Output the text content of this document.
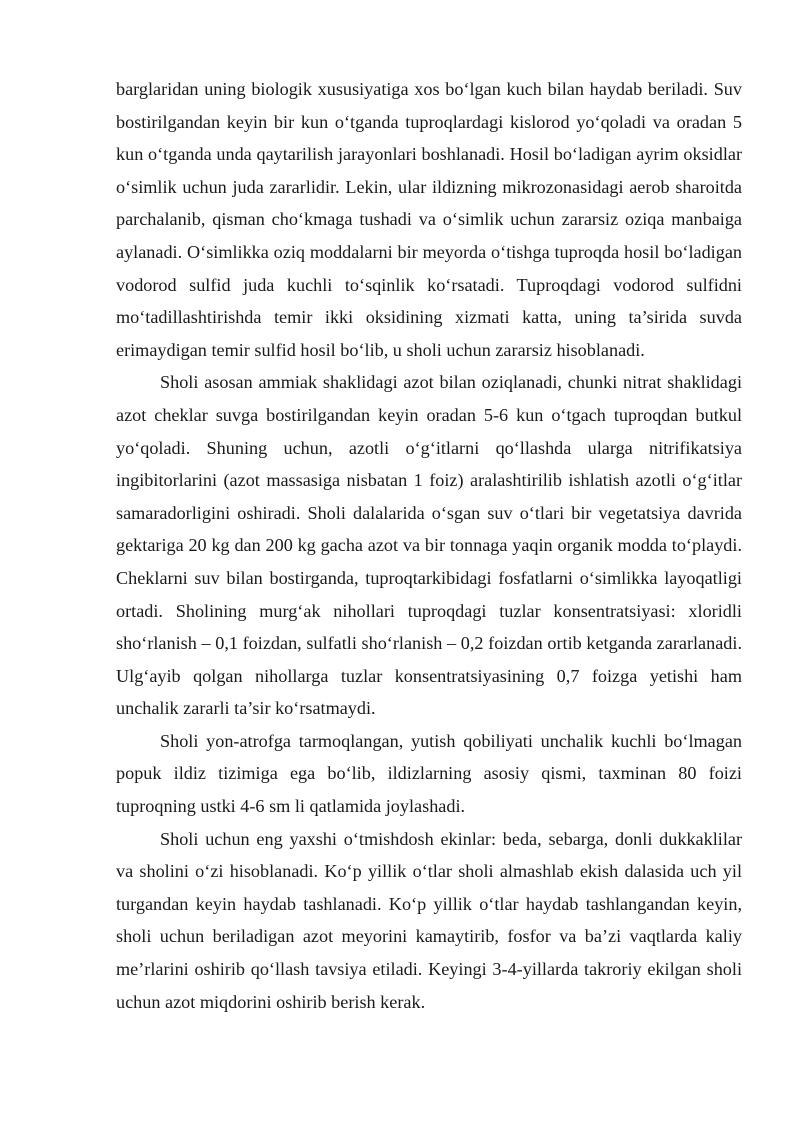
barglaridan uning biologik xususiyatiga xos bo‘lgan kuch bilan haydab beriladi. Suv bostirilgandan keyin bir kun o‘tganda tuproqlardagi kislorod yo‘qoladi va oradan 5 kun o‘tganda unda qaytarilish jarayonlari boshlanadi. Hosil bo‘ladigan ayrim oksidlar o‘simlik uchun juda zararlidir. Lekin, ular ildizning mikrozonasidagi aerob sharoitda parchalanib, qisman cho‘kmaga tushadi va o‘simlik uchun zararsiz oziqa manbaiga aylanadi. O‘simlikka oziq moddalarni bir meyorda o‘tishga tuproqda hosil bo‘ladigan vodorod sulfid juda kuchli to‘sqinlik ko‘rsatadi. Tuproqdagi vodorod sulfidni mo‘tadillashtirishda temir ikki oksidining xizmati katta, uning ta’sirida suvda erimaydigan temir sulfid hosil bo‘lib, u sholi uchun zararsiz hisoblanadi.

Sholi asosan ammiak shaklidagi azot bilan oziqlanadi, chunki nitrat shaklidagi azot cheklar suvga bostirilgandan keyin oradan 5-6 kun o‘tgach tuproqdan butkul yo‘qoladi. Shuning uchun, azotli o‘g‘itlarni qo‘llashda ularga nitrifikatsiya ingibitorlarini (azot massasiga nisbatan 1 foiz) aralashtirilib ishlatish azotli o‘g‘itlar samaradorligini oshiradi. Sholi dalalarida o‘sgan suv o‘tlari bir vegetatsiya davrida gektariga 20 kg dan 200 kg gacha azot va bir tonnaga yaqin organik modda to‘playdi. Cheklarni suv bilan bostirganda, tuproqtarkibidagi fosfatlarni o‘simlikka layoqatligi ortadi. Sholining murg‘ak nihollari tuproqdagi tuzlar konsentratsiyasi: xloridli sho‘rlanish – 0,1 foizdan, sulfatli sho‘rlanish – 0,2 foizdan ortib ketganda zararlanadi. Ulg‘ayib qolgan nihollarga tuzlar konsentratsiyasining 0,7 foizga yetishi ham unchalik zararli ta’sir ko‘rsatmaydi.

Sholi yon-atrofga tarmoqlangan, yutish qobiliyati unchalik kuchli bo‘lmagan popuk ildiz tizimiga ega bo‘lib, ildizlarning asosiy qismi, taxminan 80 foizi tuproqning ustki 4-6 sm li qatlamida joylashadi.

Sholi uchun eng yaxshi o‘tmishdosh ekinlar: beda, sebarga, donli dukkaklilar va sholini o‘zi hisoblanadi. Ko‘p yillik o‘tlar sholi almashlab ekish dalasida uch yil turgandan keyin haydab tashlanadi. Ko‘p yillik o‘tlar haydab tashlangandan keyin, sholi uchun beriladigan azot meyorini kamaytirib, fosfor va ba’zi vaqtlarda kaliy me’rlarini oshirib qo‘llash tavsiya etiladi. Keyingi 3-4-yillarda takroriy ekilgan sholi uchun azot miqdorini oshirib berish kerak.
